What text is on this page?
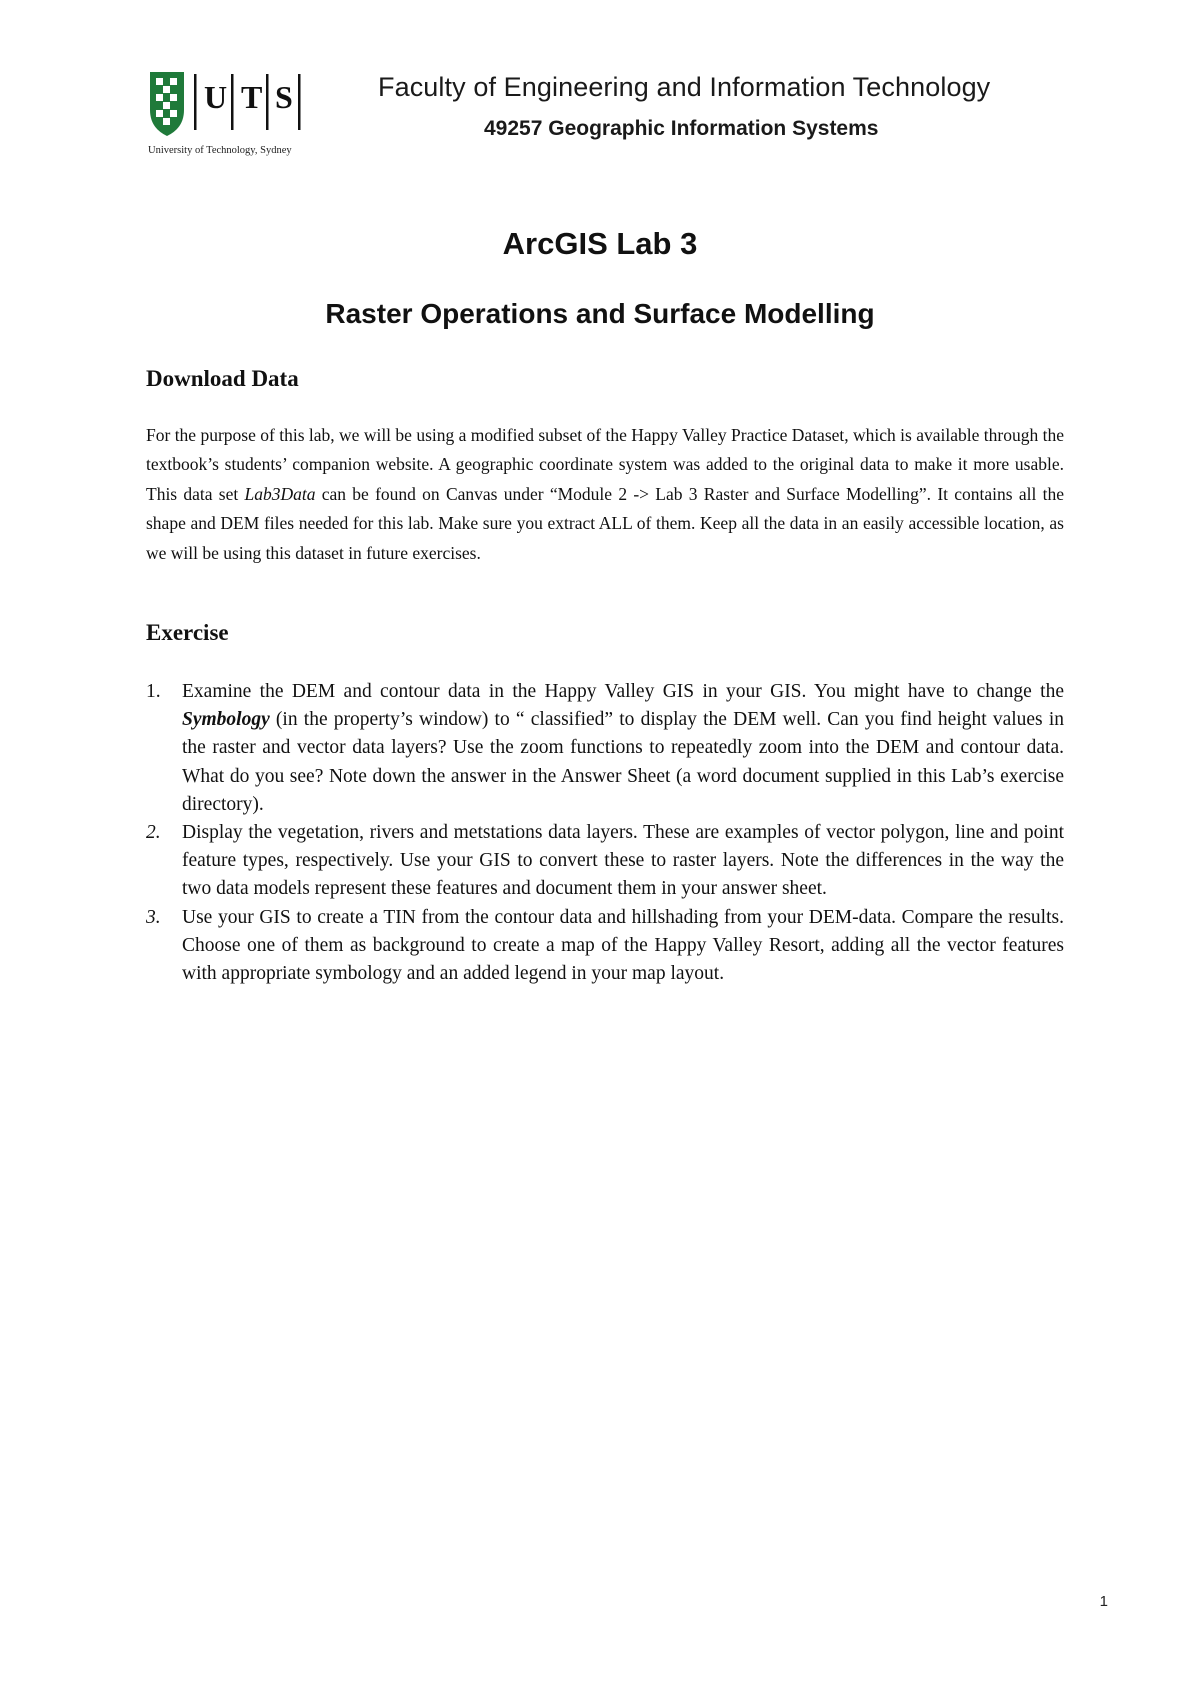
U T S
University of Technology, Sydney
Faculty of Engineering and Information Technology
49257 Geographic Information Systems
ArcGIS Lab 3
Raster Operations and Surface Modelling
Download Data

For the purpose of this lab, we will be using a modified subset of the Happy Valley Practice Dataset, which is available through the textbook’s students’ companion website. A geographic coordinate system was added to the original data to make it more usable. This data set Lab3Data can be found on Canvas under “Module 2 -> Lab 3 Raster and Surface Modelling”. It contains all the shape and DEM files needed for this lab. Make sure you extract ALL of them. Keep all the data in an easily accessible location, as we will be using this dataset in future exercises.

Exercise
1. Examine the DEM and contour data in the Happy Valley GIS in your GIS. You might have to change the Symbology (in the property’s window) to “ classified” to display the DEM well. Can you find height values in the raster and vector data layers? Use the zoom functions to repeatedly zoom into the DEM and contour data. What do you see? Note down the answer in the Answer Sheet (a word document supplied in this Lab’s exercise directory).
2. Display the vegetation, rivers and metstations data layers. These are examples of vector polygon, line and point feature types, respectively. Use your GIS to convert these to raster layers. Note the differences in the way the two data models represent these features and document them in your answer sheet.
3. Use your GIS to create a TIN from the contour data and hillshading from your DEM-data. Compare the results. Choose one of them as background to create a map of the Happy Valley Resort, adding all the vector features with appropriate symbology and an added legend in your map layout.
1
